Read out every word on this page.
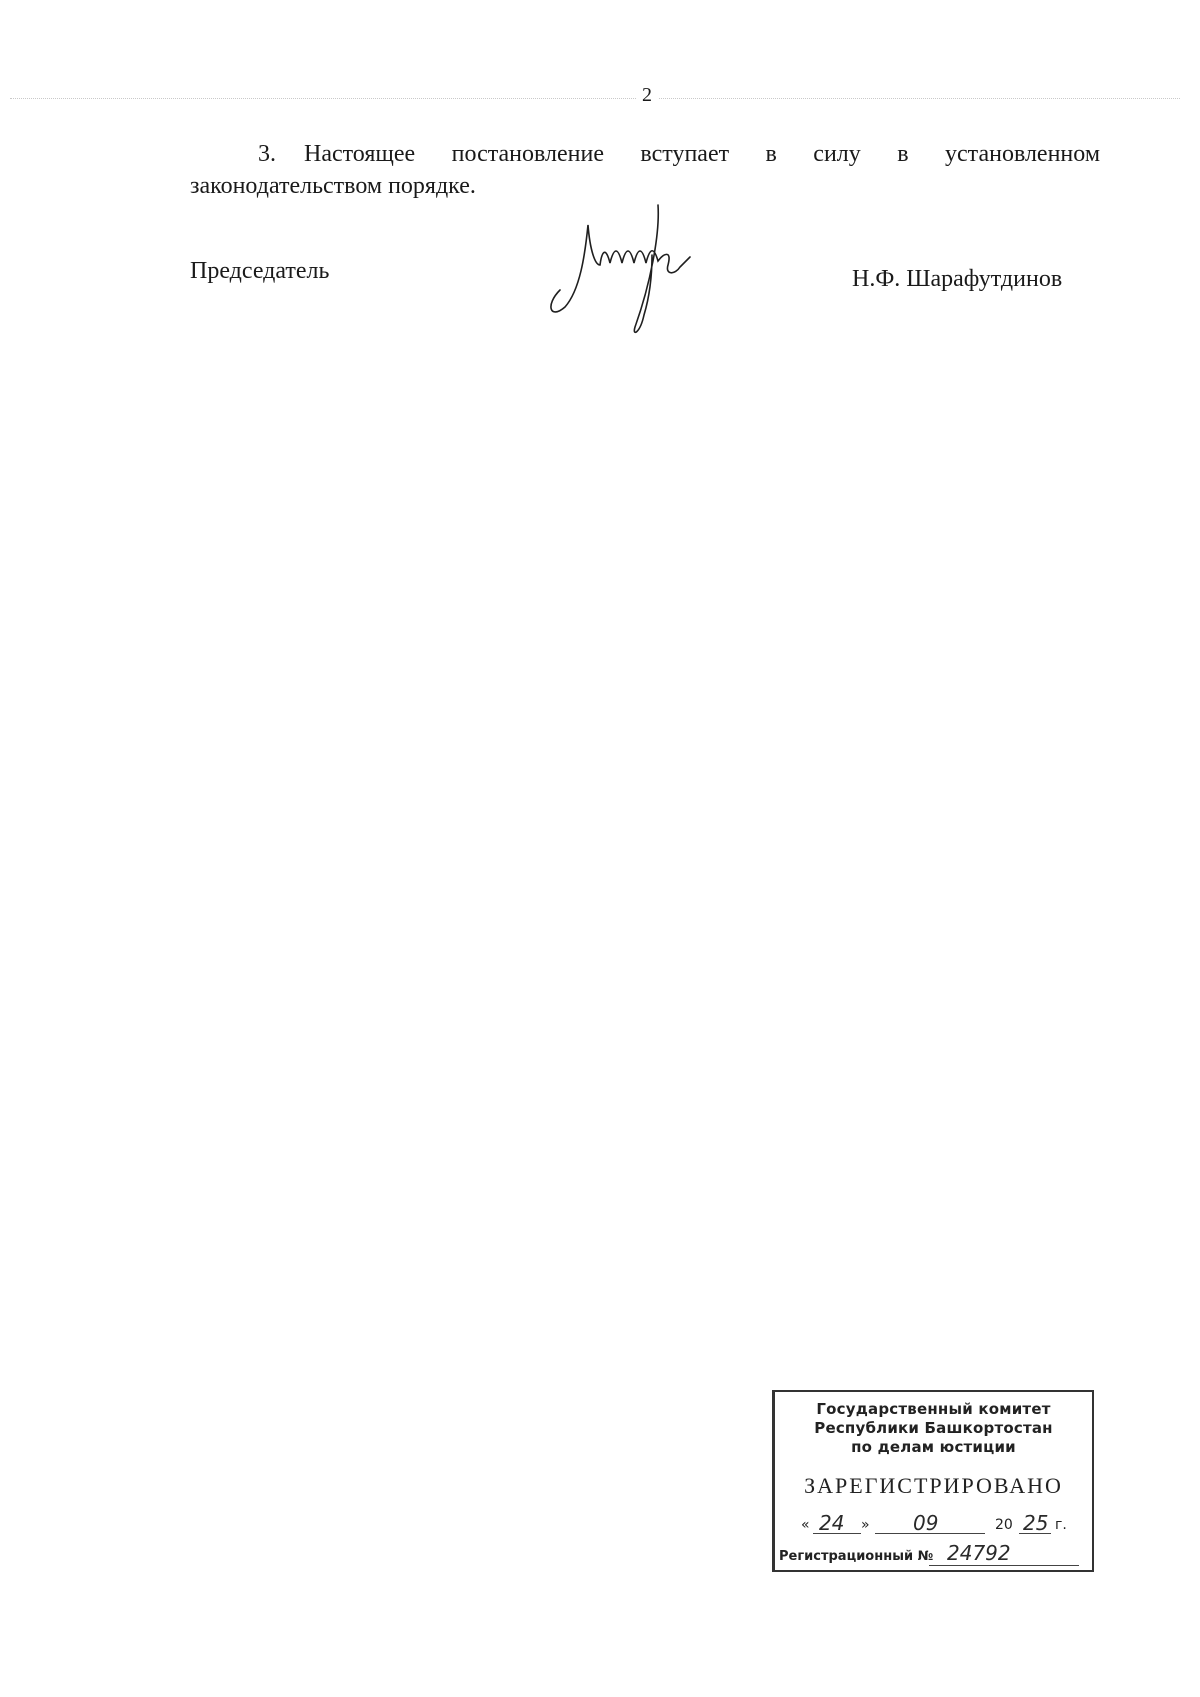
2
3. Настоящее постановление вступает в силу в установленном
законодательством порядке.
Председатель	Н.Ф. Шарафутдинов
Государственный комитет
Республики Башкортостан
по делам юстиции
ЗАРЕГИСТРИРОВАНО
« 24 » 09	20 25 г.
Регистрационный № 24792
